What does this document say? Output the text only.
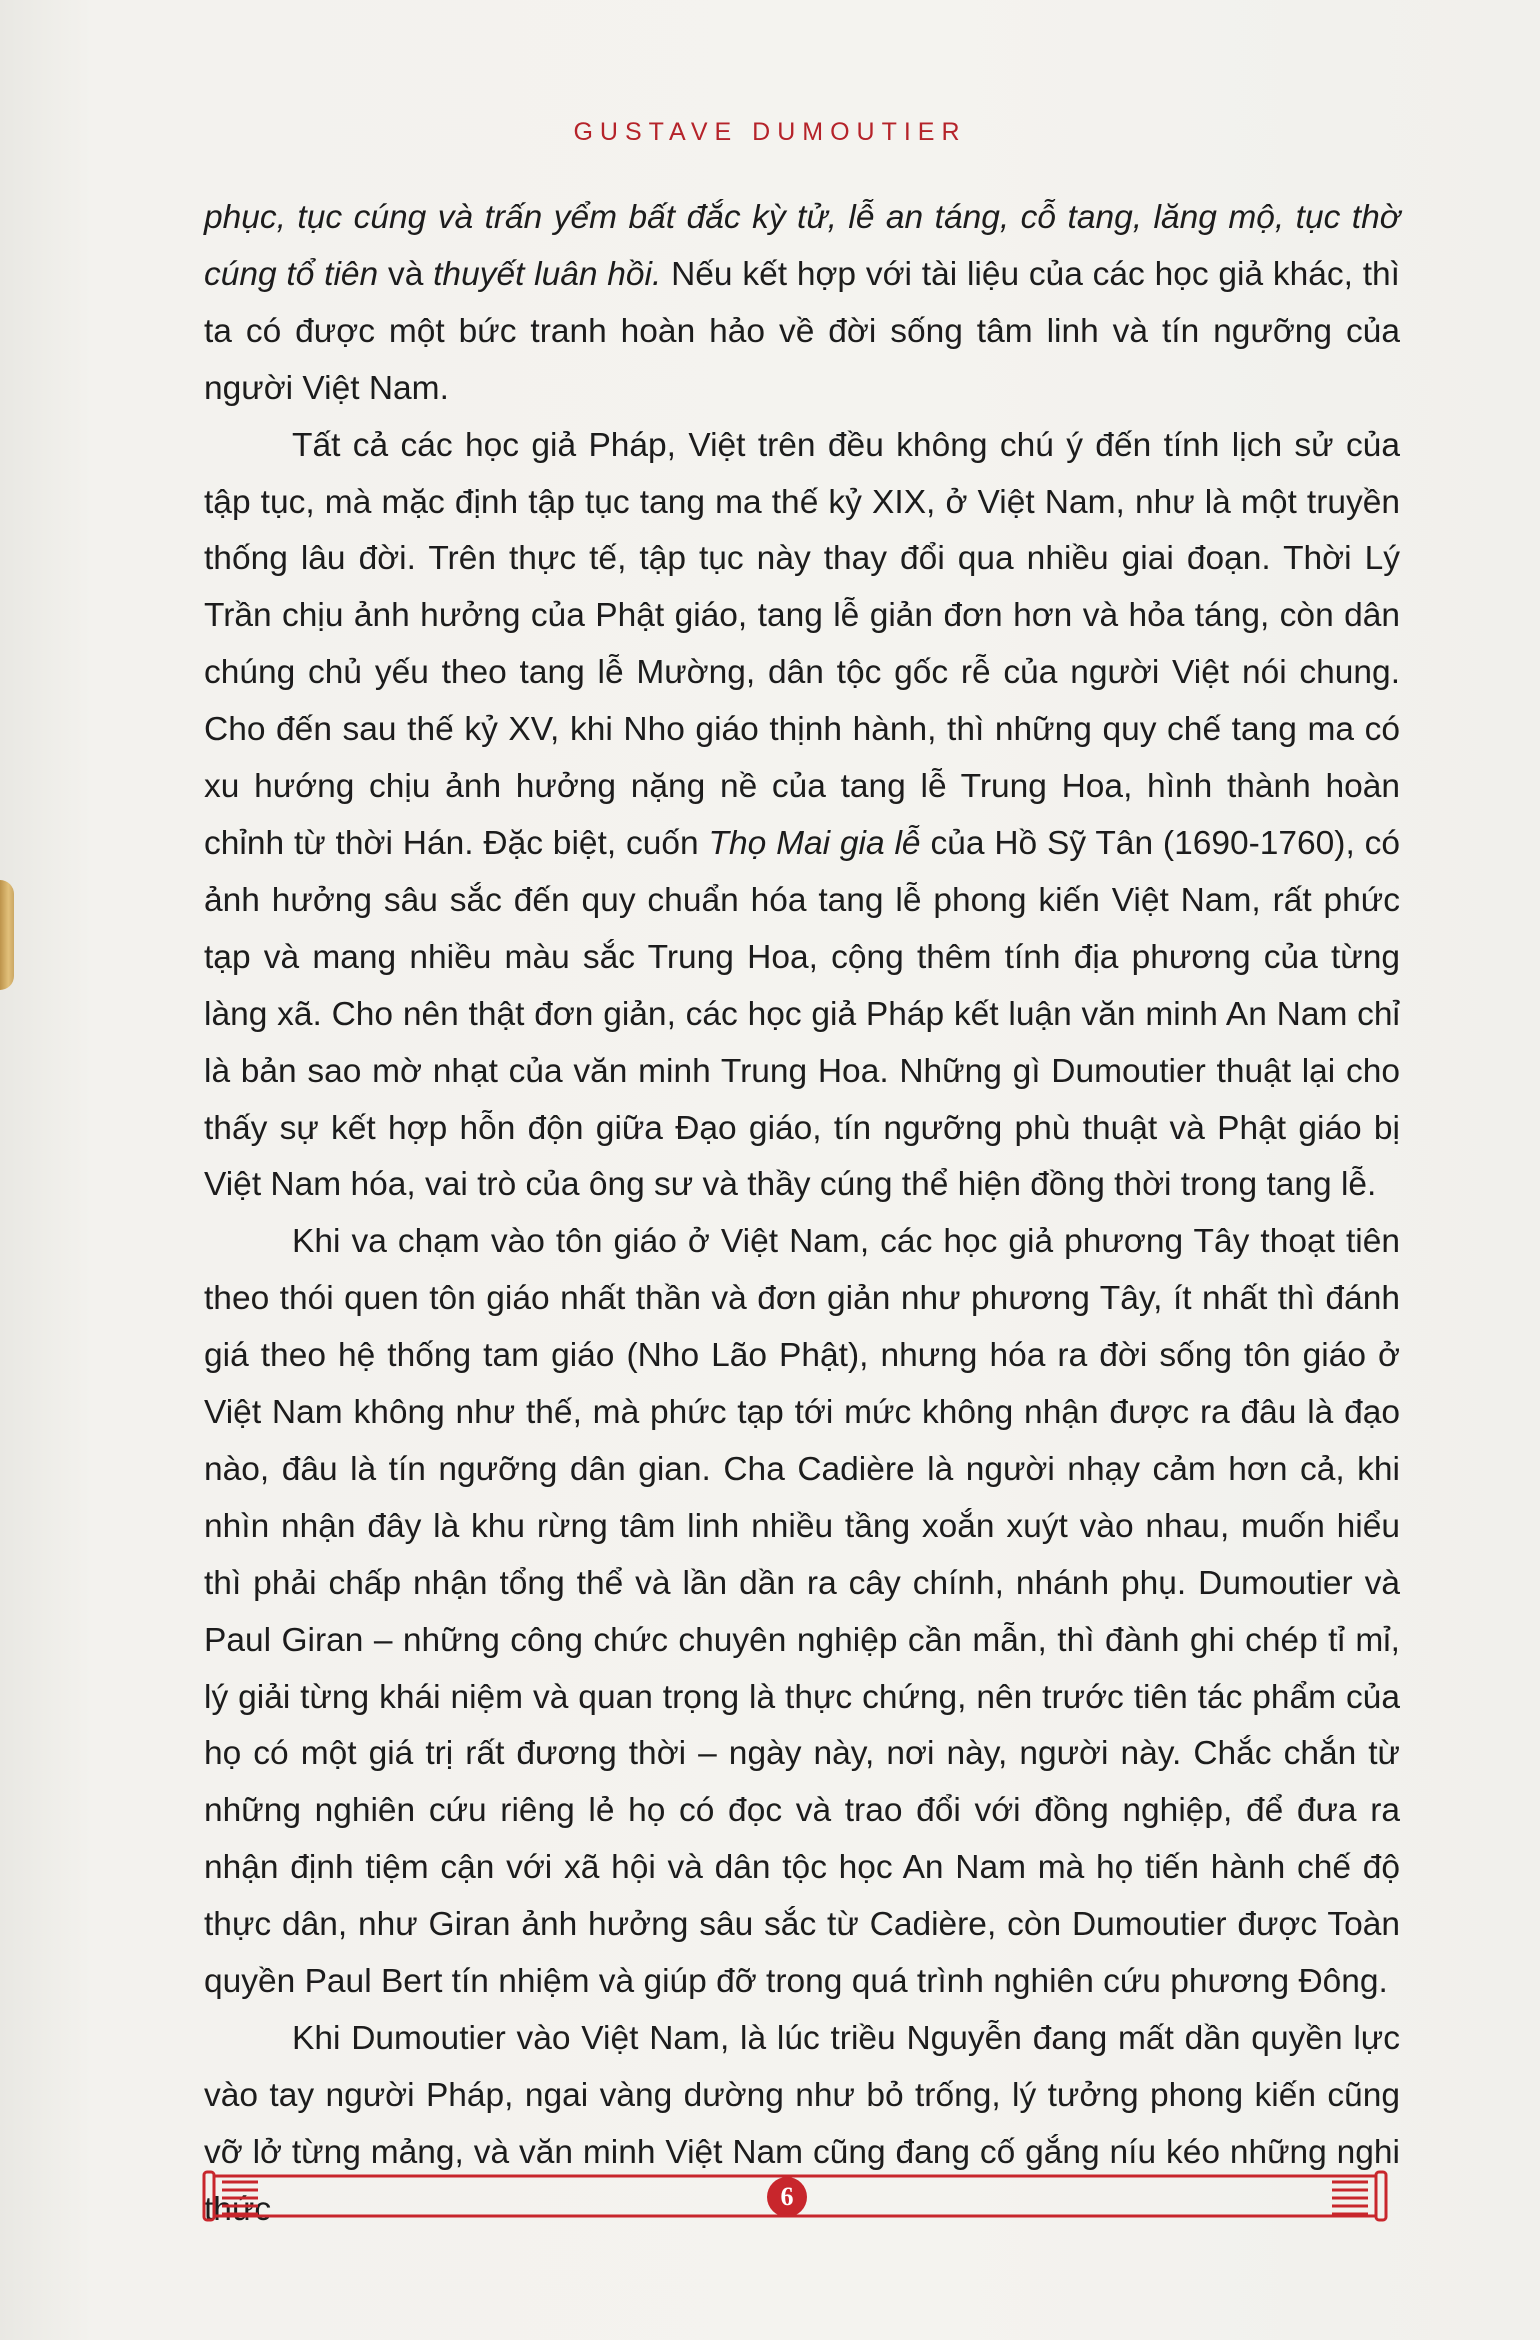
GUSTAVE DUMOUTIER

phục, tục cúng và trấn yểm bất đắc kỳ tử, lễ an táng, cỗ tang, lăng mộ, tục thờ cúng tổ tiên và thuyết luân hồi. Nếu kết hợp với tài liệu của các học giả khác, thì ta có được một bức tranh hoàn hảo về đời sống tâm linh và tín ngưỡng của người Việt Nam.

Tất cả các học giả Pháp, Việt trên đều không chú ý đến tính lịch sử của tập tục, mà mặc định tập tục tang ma thế kỷ XIX, ở Việt Nam, như là một truyền thống lâu đời. Trên thực tế, tập tục này thay đổi qua nhiều giai đoạn. Thời Lý Trần chịu ảnh hưởng của Phật giáo, tang lễ giản đơn hơn và hỏa táng, còn dân chúng chủ yếu theo tang lễ Mường, dân tộc gốc rễ của người Việt nói chung. Cho đến sau thế kỷ XV, khi Nho giáo thịnh hành, thì những quy chế tang ma có xu hướng chịu ảnh hưởng nặng nề của tang lễ Trung Hoa, hình thành hoàn chỉnh từ thời Hán. Đặc biệt, cuốn Thọ Mai gia lễ của Hồ Sỹ Tân (1690-1760), có ảnh hưởng sâu sắc đến quy chuẩn hóa tang lễ phong kiến Việt Nam, rất phức tạp và mang nhiều màu sắc Trung Hoa, cộng thêm tính địa phương của từng làng xã. Cho nên thật đơn giản, các học giả Pháp kết luận văn minh An Nam chỉ là bản sao mờ nhạt của văn minh Trung Hoa. Những gì Dumoutier thuật lại cho thấy sự kết hợp hỗn độn giữa Đạo giáo, tín ngưỡng phù thuật và Phật giáo bị Việt Nam hóa, vai trò của ông sư và thầy cúng thể hiện đồng thời trong tang lễ.

Khi va chạm vào tôn giáo ở Việt Nam, các học giả phương Tây thoạt tiên theo thói quen tôn giáo nhất thần và đơn giản như phương Tây, ít nhất thì đánh giá theo hệ thống tam giáo (Nho Lão Phật), nhưng hóa ra đời sống tôn giáo ở Việt Nam không như thế, mà phức tạp tới mức không nhận được ra đâu là đạo nào, đâu là tín ngưỡng dân gian. Cha Cadière là người nhạy cảm hơn cả, khi nhìn nhận đây là khu rừng tâm linh nhiều tầng xoắn xuýt vào nhau, muốn hiểu thì phải chấp nhận tổng thể và lần dần ra cây chính, nhánh phụ. Dumoutier và Paul Giran – những công chức chuyên nghiệp cần mẫn, thì đành ghi chép tỉ mỉ, lý giải từng khái niệm và quan trọng là thực chứng, nên trước tiên tác phẩm của họ có một giá trị rất đương thời – ngày này, nơi này, người này. Chắc chắn từ những nghiên cứu riêng lẻ họ có đọc và trao đổi với đồng nghiệp, để đưa ra nhận định tiệm cận với xã hội và dân tộc học An Nam mà họ tiến hành chế độ thực dân, như Giran ảnh hưởng sâu sắc từ Cadière, còn Dumoutier được Toàn quyền Paul Bert tín nhiệm và giúp đỡ trong quá trình nghiên cứu phương Đông.

Khi Dumoutier vào Việt Nam, là lúc triều Nguyễn đang mất dần quyền lực vào tay người Pháp, ngai vàng dường như bỏ trống, lý tưởng phong kiến cũng vỡ lở từng mảng, và văn minh Việt Nam cũng đang cố gắng níu kéo những nghi thức	6
